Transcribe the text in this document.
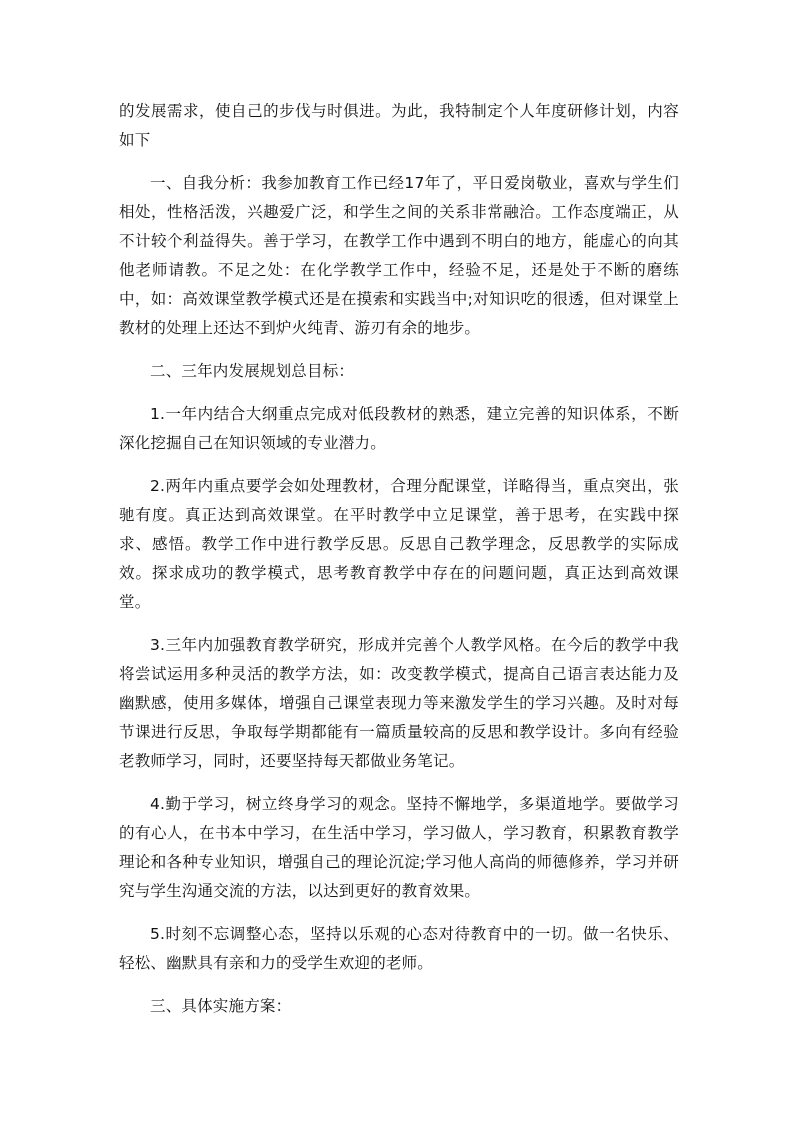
的发展需求，使自己的步伐与时俱进。为此，我特制定个人年度研修计划，内容如下

一、自我分析：我参加教育工作已经17年了，平日爱岗敬业，喜欢与学生们相处，性格活泼，兴趣爱广泛，和学生之间的关系非常融洽。工作态度端正，从不计较个利益得失。善于学习，在教学工作中遇到不明白的地方，能虚心的向其他老师请教。不足之处：在化学教学工作中，经验不足，还是处于不断的磨练中，如：高效课堂教学模式还是在摸索和实践当中;对知识吃的很透，但对课堂上教材的处理上还达不到炉火纯青、游刃有余的地步。

二、三年内发展规划总目标：

1.一年内结合大纲重点完成对低段教材的熟悉，建立完善的知识体系，不断深化挖掘自己在知识领域的专业潜力。

2.两年内重点要学会如处理教材，合理分配课堂，详略得当，重点突出，张驰有度。真正达到高效课堂。在平时教学中立足课堂，善于思考，在实践中探求、感悟。教学工作中进行教学反思。反思自己教学理念，反思教学的实际成效。探求成功的教学模式，思考教育教学中存在的问题问题，真正达到高效课堂。

3.三年内加强教育教学研究，形成并完善个人教学风格。在今后的教学中我将尝试运用多种灵活的教学方法，如：改变教学模式，提高自己语言表达能力及幽默感，使用多媒体，增强自己课堂表现力等来激发学生的学习兴趣。及时对每节课进行反思，争取每学期都能有一篇质量较高的反思和教学设计。多向有经验老教师学习，同时，还要坚持每天都做业务笔记。

4.勤于学习，树立终身学习的观念。坚持不懈地学，多渠道地学。要做学习的有心人，在书本中学习，在生活中学习，学习做人，学习教育，积累教育教学理论和各种专业知识，增强自己的理论沉淀;学习他人高尚的师德修养，学习并研究与学生沟通交流的方法，以达到更好的教育效果。

5.时刻不忘调整心态，坚持以乐观的心态对待教育中的一切。做一名快乐、轻松、幽默具有亲和力的受学生欢迎的老师。

三、具体实施方案：
